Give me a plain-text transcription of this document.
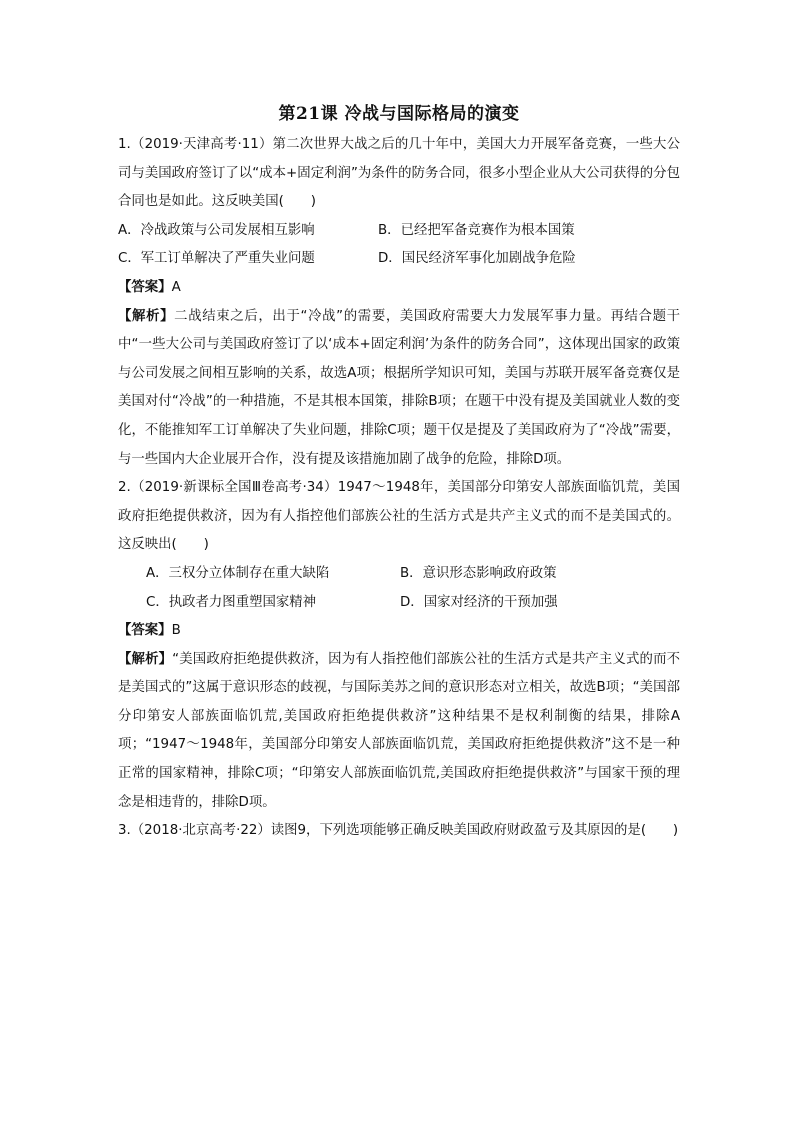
第21课 冷战与国际格局的演变

1.（2019·天津高考·11）第二次世界大战之后的几十年中，美国大力开展军备竞赛，一些大公司与美国政府签订了以“成本+固定利润”为条件的防务合同，很多小型企业从大公司获得的分包合同也是如此。这反映美国(　　)

A．冷战政策与公司发展相互影响	B．已经把军备竞赛作为根本国策
C．军工订单解决了严重失业问题	D．国民经济军事化加剧战争危险

【答案】A

【解析】二战结束之后，出于“冷战”的需要，美国政府需要大力发展军事力量。再结合题干中“一些大公司与美国政府签订了以‘成本+固定利润’为条件的防务合同”，这体现出国家的政策与公司发展之间相互影响的关系，故选A项；根据所学知识可知，美国与苏联开展军备竞赛仅是美国对付“冷战”的一种措施，不是其根本国策，排除B项；在题干中没有提及美国就业人数的变化，不能推知军工订单解决了失业问题，排除C项；题干仅是提及了美国政府为了“冷战”需要，与一些国内大企业展开合作，没有提及该措施加剧了战争的危险，排除D项。

2.（2019·新课标全国Ⅲ卷高考·34）1947～1948年，美国部分印第安人部族面临饥荒，美国政府拒绝提供救济，因为有人指控他们部族公社的生活方式是共产主义式的而不是美国式的。这反映出(　　)

A．三权分立体制存在重大缺陷	B．意识形态影响政府政策
C．执政者力图重塑国家精神	D．国家对经济的干预加强

【答案】B

【解析】“美国政府拒绝提供救济，因为有人指控他们部族公社的生活方式是共产主义式的而不是美国式的”这属于意识形态的歧视，与国际美苏之间的意识形态对立相关，故选B项；“美国部分印第安人部族面临饥荒,美国政府拒绝提供救济”这种结果不是权利制衡的结果，排除A项；“1947～1948年，美国部分印第安人部族面临饥荒，美国政府拒绝提供救济”这不是一种正常的国家精神，排除C项；“印第安人部族面临饥荒,美国政府拒绝提供救济”与国家干预的理念是相违背的，排除D项。

3.（2018·北京高考·22）读图9，下列选项能够正确反映美国政府财政盈亏及其原因的是(　　)
